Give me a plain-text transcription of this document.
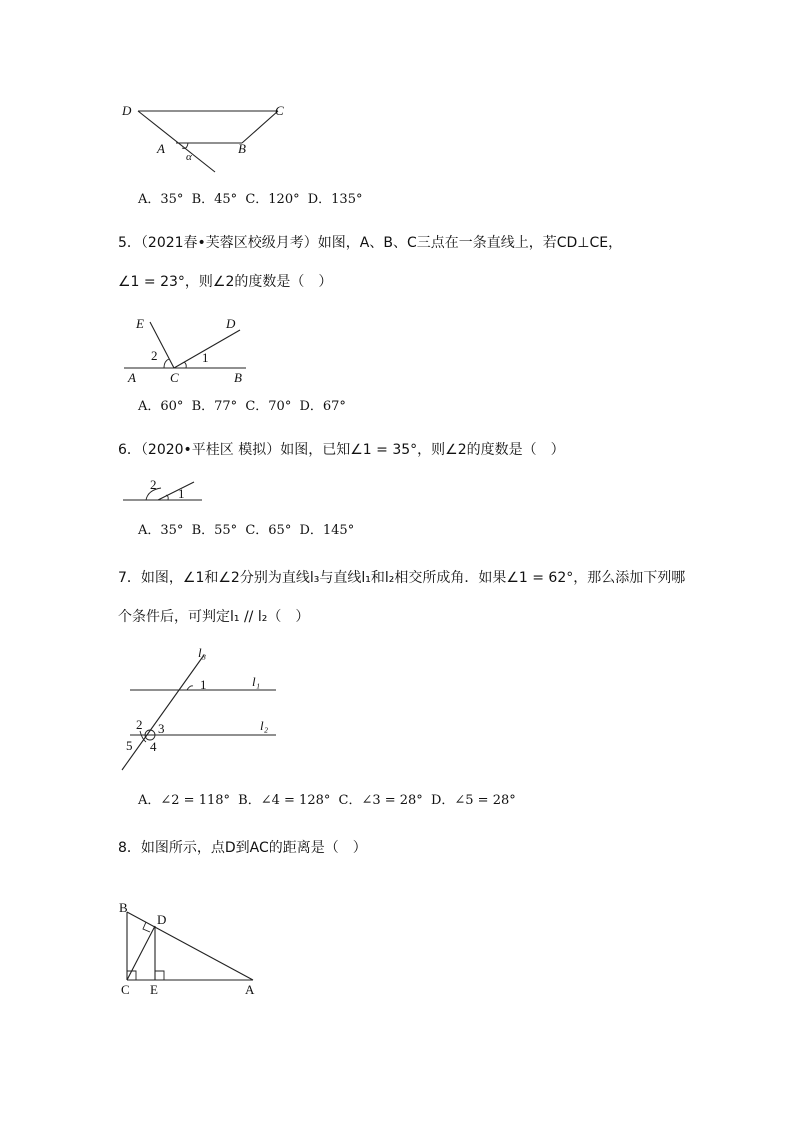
D	C
A	B
α
A．35° B．45° C．120° D．135°
5．（2021春•芙蓉区校级月考）如图，A、B、C三点在一条直线上，若CD⊥CE，
∠1 = 23°，则∠2的度数是（　）
E	D
2	1
A	C	B
A．60° B．77° C．70° D．67°
6．（2020•平桂区 模拟）如图，已知∠1 = 35°，则∠2的度数是（　）
2
1
A．35° B．55° C．65° D．145°
7．如图，∠1和∠2分别为直线l₃与直线l₁和l₂相交所成角．如果∠1 = 62°，那么添加下列哪
个条件后，可判定l₁ // l₂（　）
l₃
l₁
l₂
1
2 3
4
5
A．∠2 = 118° B．∠4 = 128° C．∠3 = 28° D．∠5 = 28°
8．如图所示，点D到AC的距离是（　）
B
D
C E	A
